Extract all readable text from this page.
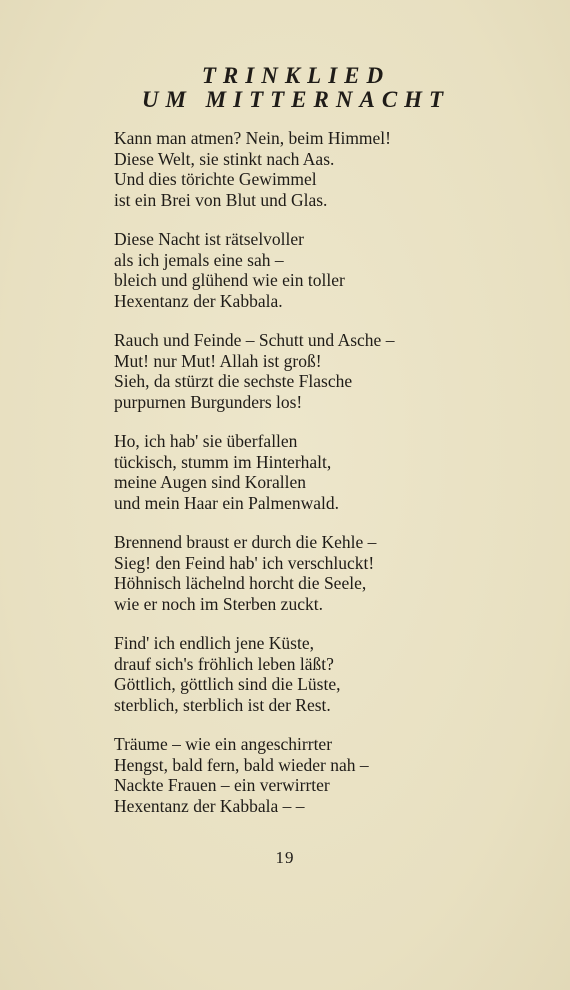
TRINKLIED
UM MITTERNACHT
Kann man atmen? Nein, beim Himmel!
Diese Welt, sie stinkt nach Aas.
Und dies törichte Gewimmel
ist ein Brei von Blut und Glas.
Diese Nacht ist rätselvoller
als ich jemals eine sah –
bleich und glühend wie ein toller
Hexentanz der Kabbala.
Rauch und Feinde – Schutt und Asche –
Mut! nur Mut! Allah ist groß!
Sieh, da stürzt die sechste Flasche
purpurnen Burgunders los!
Ho, ich hab' sie überfallen
tückisch, stumm im Hinterhalt,
meine Augen sind Korallen
und mein Haar ein Palmenwald.
Brennend braust er durch die Kehle –
Sieg! den Feind hab' ich verschluckt!
Höhnisch lächelnd horcht die Seele,
wie er noch im Sterben zuckt.
Find' ich endlich jene Küste,
drauf sich's fröhlich leben läßt?
Göttlich, göttlich sind die Lüste,
sterblich, sterblich ist der Rest.
Träume – wie ein angeschirrter
Hengst, bald fern, bald wieder nah –
Nackte Frauen – ein verwirrter
Hexentanz der Kabbala – –
19
